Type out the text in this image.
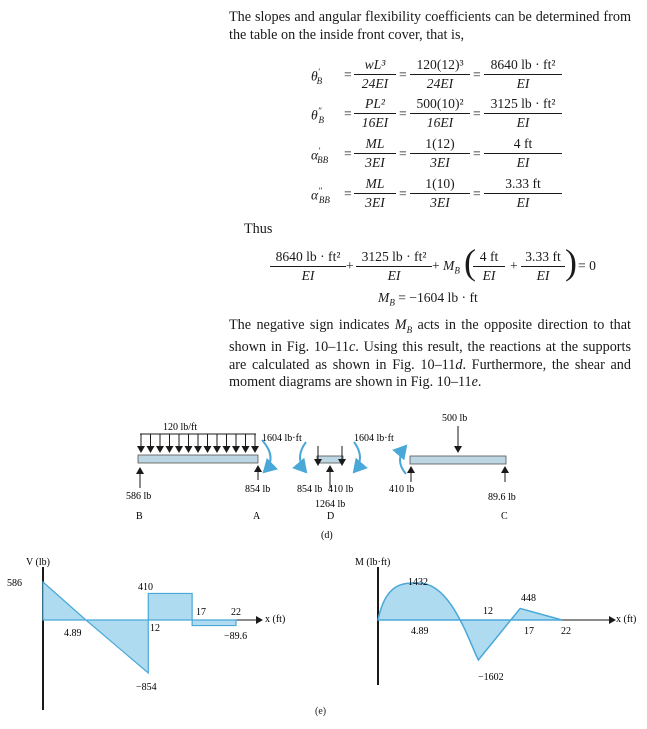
The slopes and angular flexibility coefficients can be determined from the table on the inside front cover, that is,
$\theta'_B = \frac{\text{wL³}}{24EI} = \frac{\text{120(12)³}}{24EI} = \frac{\text{8640 lb · ft²}}{EI}$
$\theta''_B = \frac{\text{PL²}}{16EI} = \frac{\text{500(10)²}}{16EI} = \frac{\text{3125 lb · ft²}}{EI}$
$\alpha'_{BB} = \frac{ML}{3EI} = \frac{1(12)}{3EI} = \frac{4 ft}{EI}$
$\alpha''_{BB} = \frac{ML}{3EI} = \frac{1(10)}{3EI} = \frac{3.33 ft}{EI}$
Thus
$\frac{\text{8640 lb · ft²}}{EI} + \frac{\text{3125 lb · ft²}}{EI} + M_B$ (
$\frac{4 ft}{EI} + \frac{3.33 ft}{EI}$ ) = 0
$M_B = -1604$ lb · ft
The negative sign indicates $M_B$ acts in the opposite direction to that shown in Fig. 10–11c. Using this result, the reactions at the supports are calculated as shown in Fig. 10–11d. Furthermore, the shear and moment diagrams are shown in Fig. 10–11e.
120 lb/ft
586 lb
B
854 lb
A
1604 lb·ft
854 lb 410 lb
1264 lb
D
1604 lb·ft
500 lb
410 lb
89.6 lb
C
(d)
V (lb)
x (ft)
586	410
4.89	12
17	22
−89.6
−854
M (lb·ft)
x (ft)
1432
448
12
4.89	17	22
−1602
(e)
